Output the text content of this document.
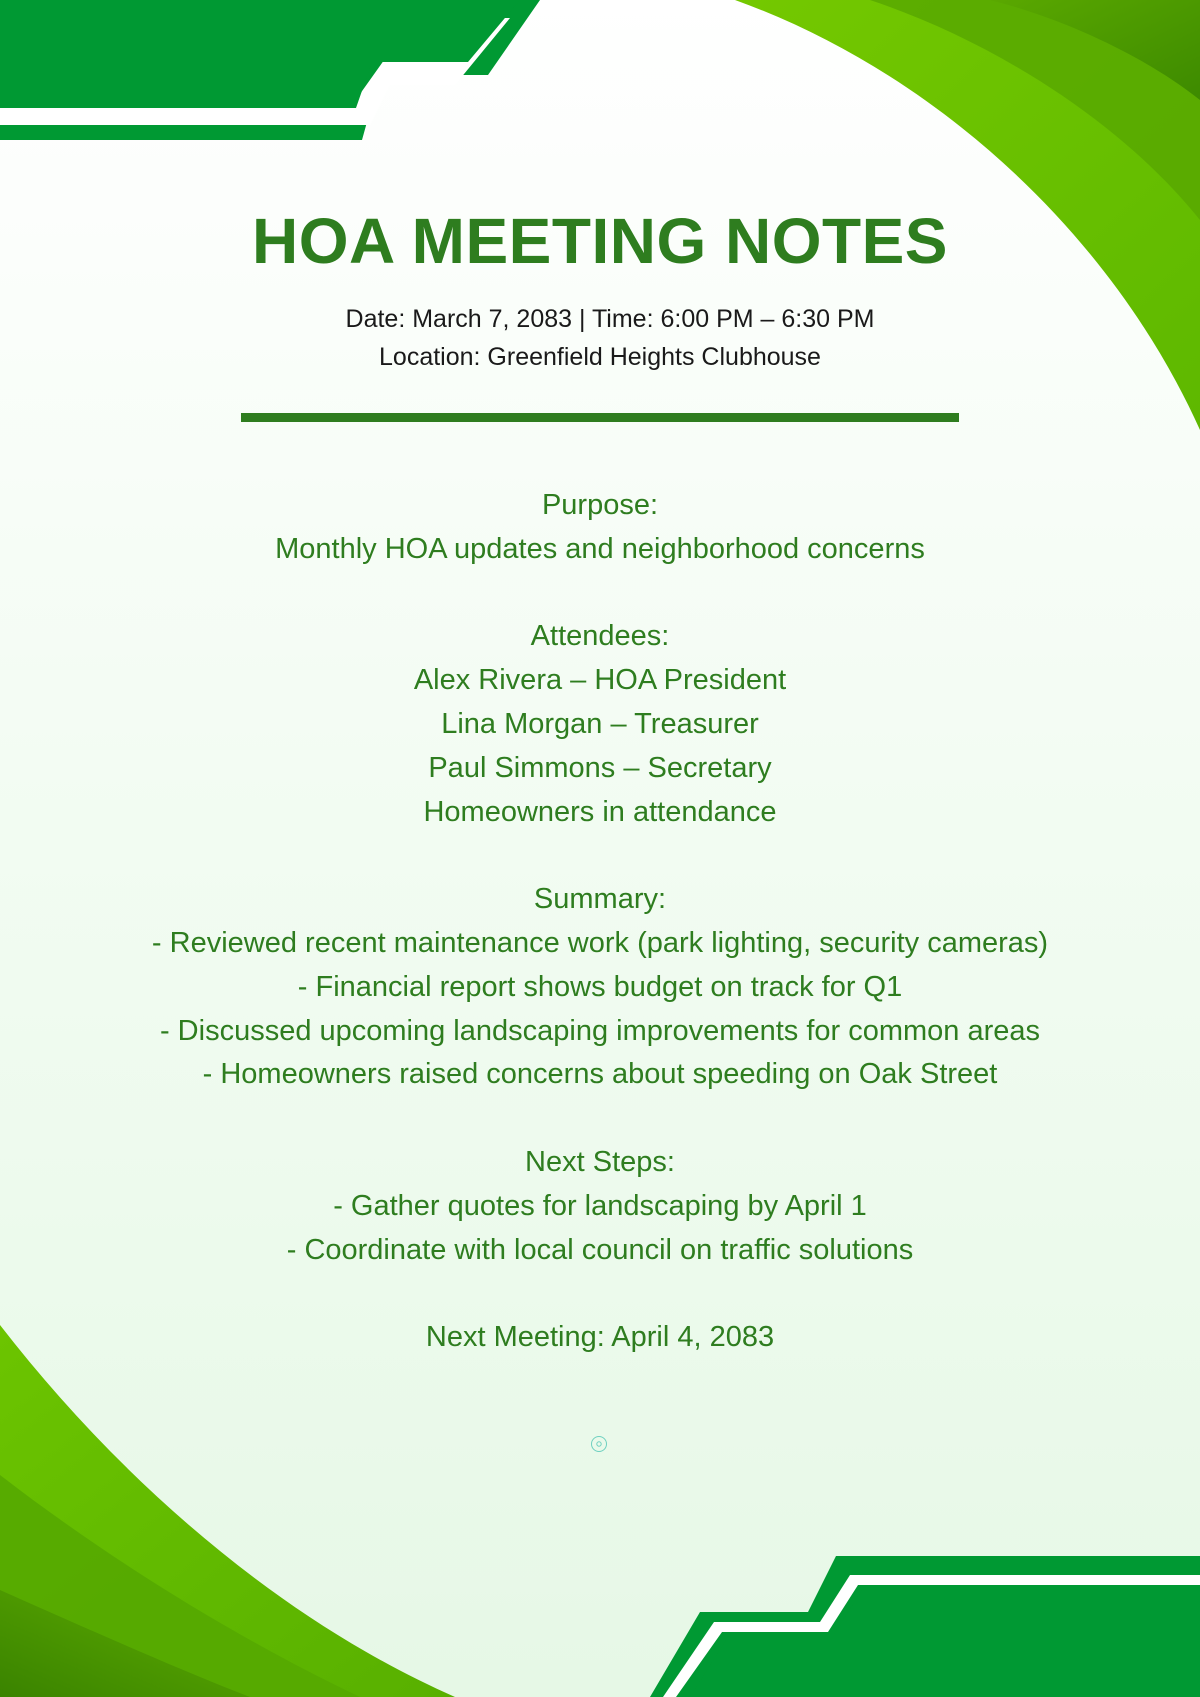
HOA MEETING NOTES
Date: March 7, 2083 | Time: 6:00 PM – 6:30 PM
Location: Greenfield Heights Clubhouse
Purpose:
Monthly HOA updates and neighborhood concerns
Attendees:
Alex Rivera – HOA President
Lina Morgan – Treasurer
Paul Simmons – Secretary
Homeowners in attendance
Summary:
- Reviewed recent maintenance work (park lighting, security cameras)
- Financial report shows budget on track for Q1
- Discussed upcoming landscaping improvements for common areas
- Homeowners raised concerns about speeding on Oak Street
Next Steps:
- Gather quotes for landscaping by April 1
- Coordinate with local council on traffic solutions
Next Meeting: April 4, 2083
